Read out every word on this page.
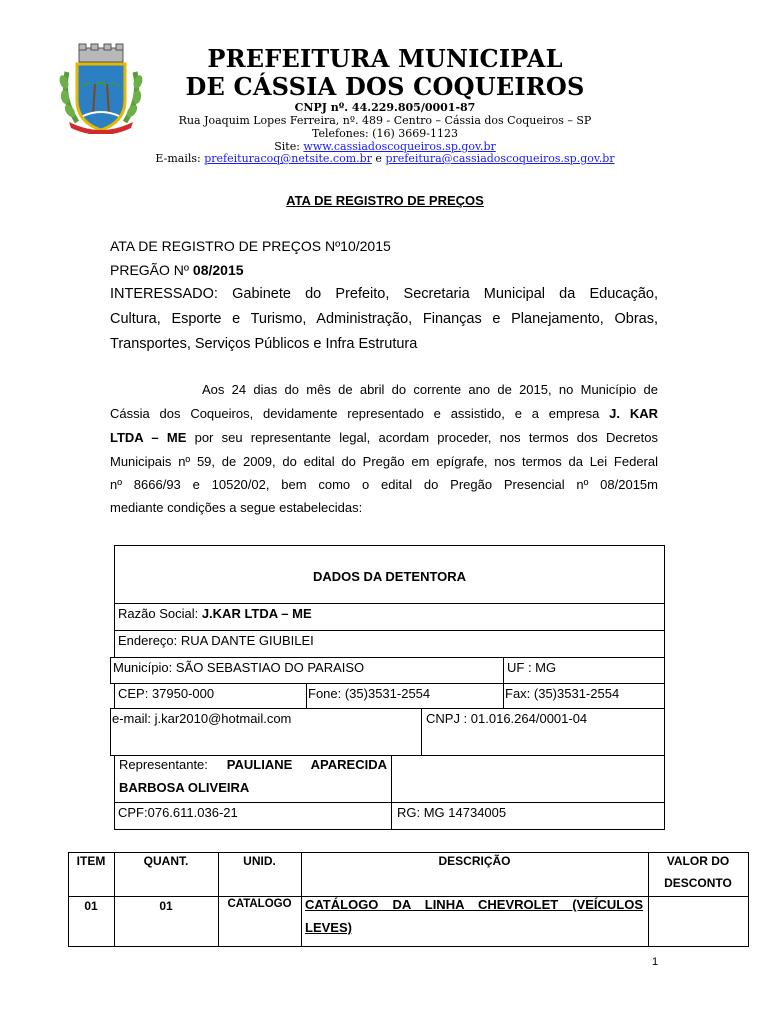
PREFEITURA MUNICIPAL
DE CÁSSIA DOS COQUEIROS
CNPJ nº. 44.229.805/0001-87
Rua Joaquim Lopes Ferreira, nº. 489 - Centro – Cássia dos Coqueiros – SP
Telefones: (16) 3669-1123
Site: www.cassiadoscoqueiros.sp.gov.br
E-mails: prefeituracoq@netsite.com.br e prefeitura@cassiadoscoqueiros.sp.gov.br
ATA DE REGISTRO DE PREÇOS
ATA DE REGISTRO DE PREÇOS Nº10/2015
PREGÃO Nº 08/2015
INTERESSADO: Gabinete do Prefeito, Secretaria Municipal da Educação,
Cultura, Esporte e Turismo, Administração, Finanças e Planejamento, Obras,
Transportes, Serviços Públicos e Infra Estrutura
Aos 24 dias do mês de abril do corrente ano de 2015, no Município de
Cássia dos Coqueiros, devidamente representado e assistido, e a empresa J. KAR
LTDA – ME por seu representante legal, acordam proceder, nos termos dos Decretos
Municipais nº 59, de 2009, do edital do Pregão em epígrafe, nos termos da Lei Federal
nº 8666/93 e 10520/02, bem como o edital do Pregão Presencial nº 08/2015m
mediante condições a segue estabelecidas:
DADOS DA DETENTORA
Razão Social: J.KAR LTDA – ME
Endereço: RUA DANTE GIUBILEI
Município: SÃO SEBASTIAO DO PARAISO	UF : MG
CEP: 37950-000	Fone: (35)3531-2554	Fax: (35)3531-2554
e-mail: j.kar2010@hotmail.com	CNPJ : 01.016.264/0001-04
Representante: PAULIANE APARECIDA
BARBOSA OLIVEIRA
CPF:076.611.036-21	RG: MG 14734005
ITEM	QUANT.	UNID.	DESCRIÇÃO	VALOR DO
DESCONTO
01	01	CATALOGO	CATÁLOGO DA LINHA CHEVROLET (VEÍCULOS
LEVES)
1
